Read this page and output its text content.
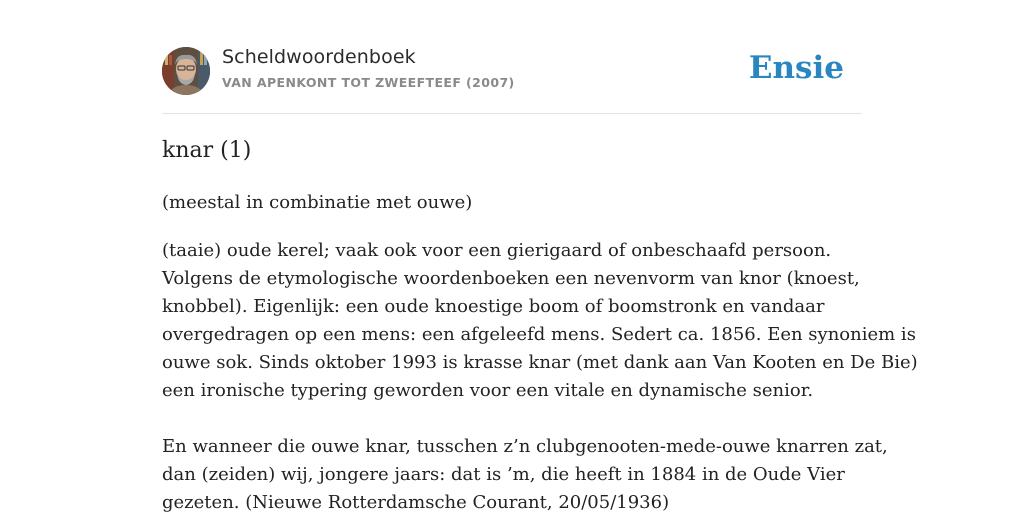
Scheldwoordenboek
VAN APENKONT TOT ZWEEFTEEF (2007)	Ensie
knar (1)
(meestal in combinatie met ouwe)
(taaie) oude kerel; vaak ook voor een gierigaard of onbeschaafd persoon.
Volgens de etymologische woordenboeken een nevenvorm van knor (knoest,
knobbel). Eigenlijk: een oude knoestige boom of boomstronk en vandaar
overgedragen op een mens: een afgeleefd mens. Sedert ca. 1856. Een synoniem is
ouwe sok. Sinds oktober 1993 is krasse knar (met dank aan Van Kooten en De Bie)
een ironische typering geworden voor een vitale en dynamische senior.
En wanneer die ouwe knar, tusschen z’n clubgenooten-mede-ouwe knarren zat,
dan (zeiden) wij, jongere jaars: dat is ’m, die heeft in 1884 in de Oude Vier
gezeten. (Nieuwe Rotterdamsche Courant, 20/05/1936)
